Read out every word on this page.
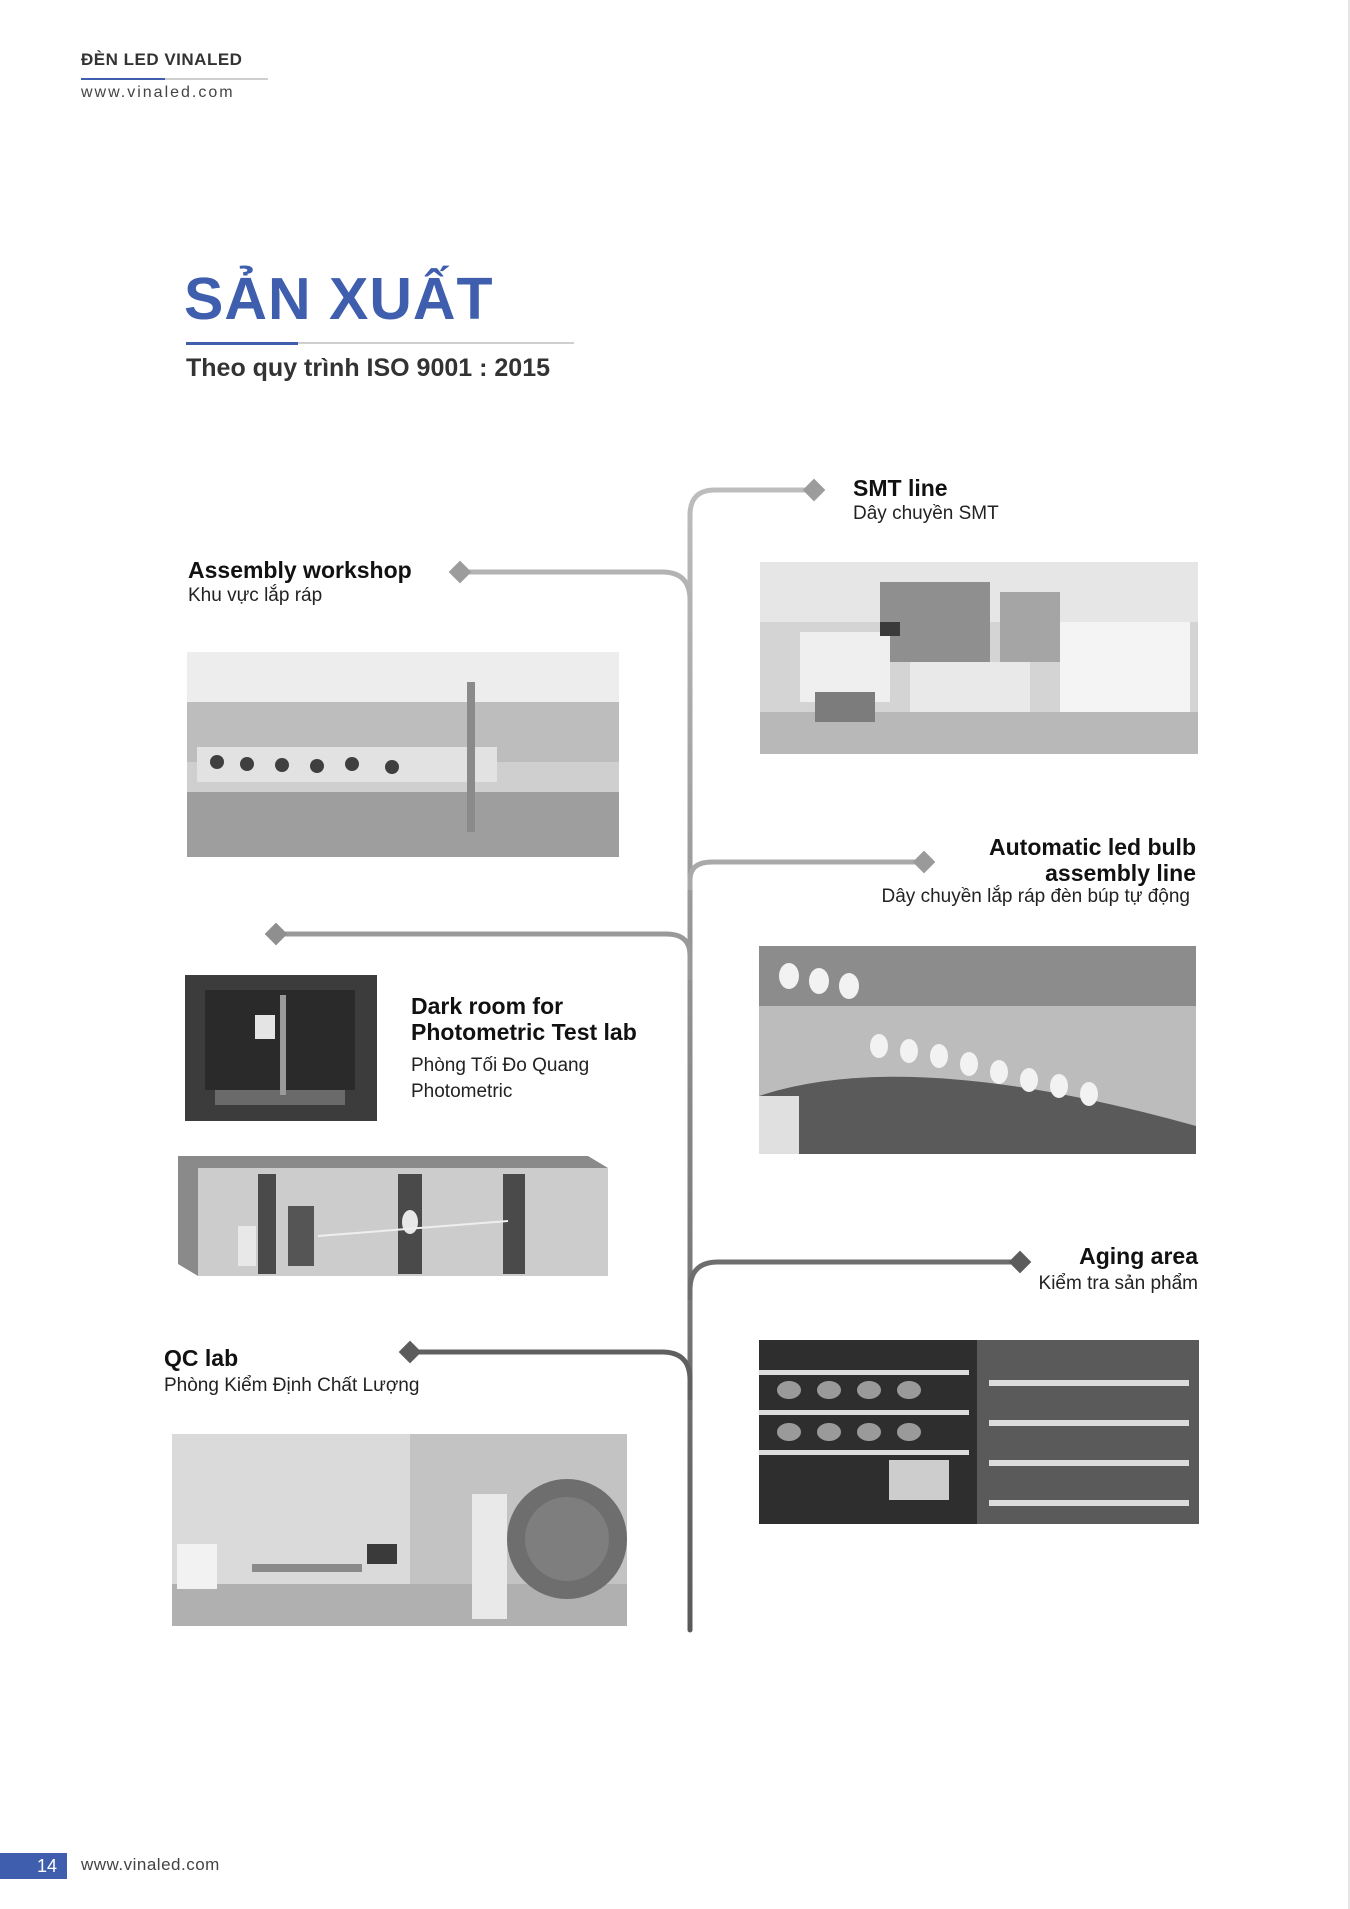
ĐÈN LED VINALED
www.vinaled.com
SẢN XUẤT
Theo quy trình ISO 9001 : 2015
SMT line
Dây chuyền SMT
Assembly workshop
Khu vực lắp ráp
Automatic led bulb
assembly line
Dây chuyền lắp ráp đèn búp tự động
Dark room for
Photometric Test lab
Phòng Tối Đo Quang
Photometric
Aging area
Kiểm tra sản phẩm
QC lab
Phòng Kiểm Định Chất Lượng
14	www.vinaled.com
